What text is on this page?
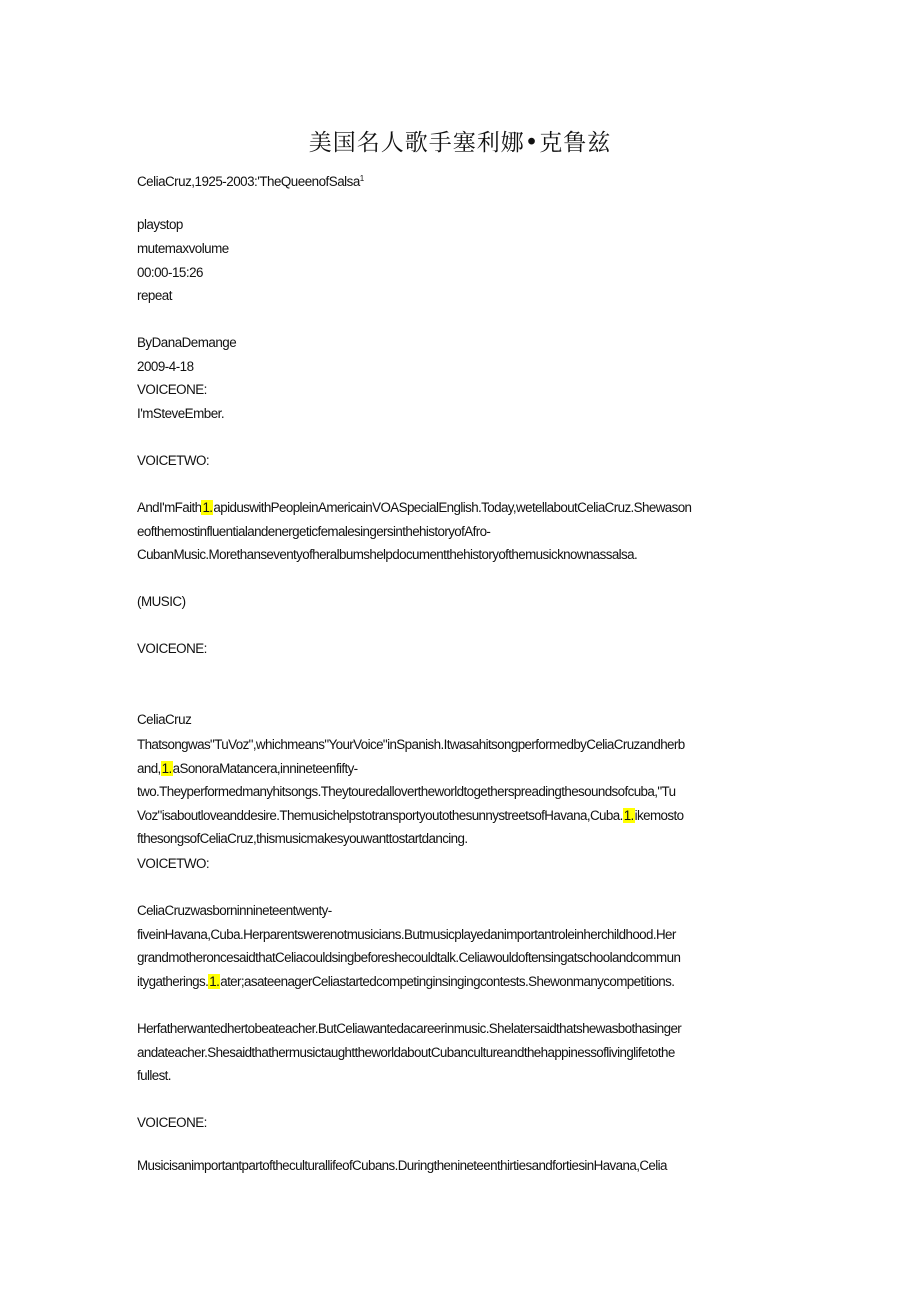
美国名人歌手塞利娜•克鲁兹
CeliaCruz,1925-2003:'TheQueenofSalsa$^1$
playstop
mutemaxvolume
00:00-15:26
repeat
ByDanaDemange
2009-4-18
VOICEONE:
I'mSteveEmber.
VOICETWO:
AndI'mFaith1.apiduswithPeopleinAmericainVOASpecialEnglish.Today,wetellaboutCeliaCruz.Shewason
eofthemostinfluentialandenergeticfemalesingersinthehistoryofAfro-
CubanMusic.Morethanseventyofheralbumshelpdocumentthehistoryofthemusicknownassalsa.
(MUSIC)
VOICEONE:
CeliaCruz
Thatsongwas"TuVoz",whichmeans"YourVoice"inSpanish.ItwasahitsongperformedbyCeliaCruzandherb
and,1.aSonoraMatancera,innineteenfifty-
two.Theyperformedmanyhitsongs.Theytouredallovertheworldtogetherspreadingthesoundsofcuba,"Tu
Voz"isaboutloveanddesire.ThemusichelpstotransportyoutothesunnystreetsofHavana,Cuba.1.ikemosto
fthesongsofCeliaCruz,thismusicmakesyouwanttostartdancing.
VOICETWO:
CeliaCruzwasborninnineteentwenty-
fiveinHavana,Cuba.Herparentswerenotmusicians.Butmusicplayedanimportantroleinherchildhood.Her
grandmotheroncesaidthatCeliacouldsingbeforeshecouldtalk.Celiawouldoftensingatschoolandcommun
itygatherings.1.ater;asateenagerCeliastartedcompetinginsingingcontests.Shewonmanycompetitions.
Herfatherwantedhertobeateacher.ButCeliawantedacareerinmusic.Shelatersaidthatshewasbothasinger
andateacher.ShesaidthathermusictaughttheworldaboutCubancultureandthehappinessoflivinglifetothe
fullest.
VOICEONE:
MusicisanimportantpartoftheculturallifeofCubans.DuringthenineteenthirtiesandfortiesinHavana,Celia
